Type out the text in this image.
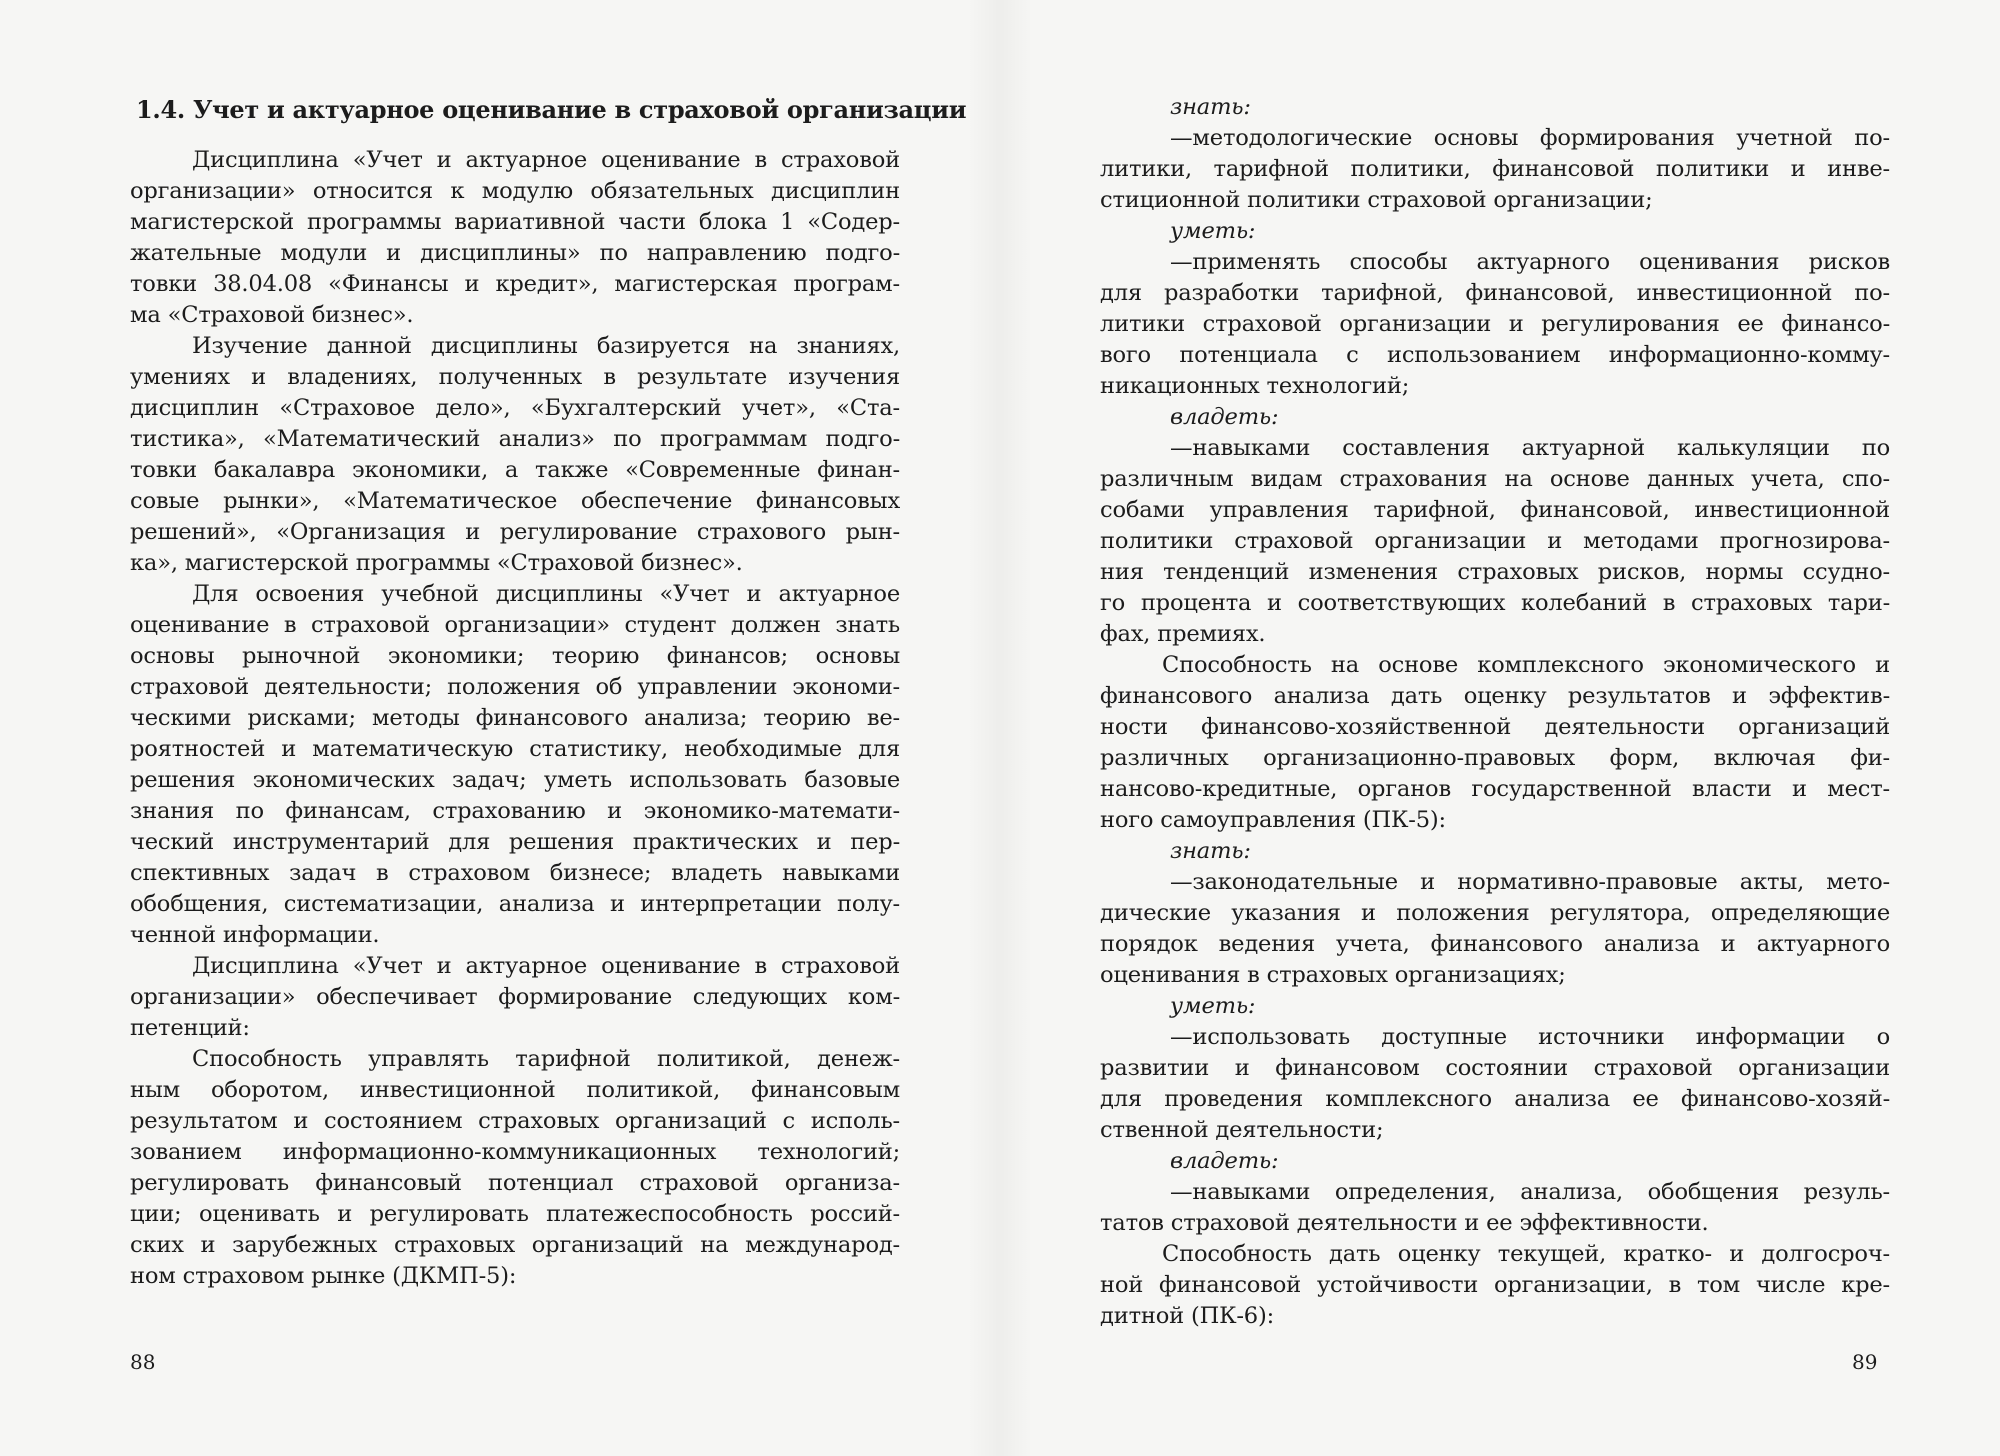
1.4. Учет и актуарное оценивание в страховой организации
Дисциплина «Учет и актуарное оценивание в страховой
организации» относится к модулю обязательных дисциплин
магистерской программы вариативной части блока 1 «Содер-
жательные модули и дисциплины» по направлению подго-
товки 38.04.08 «Финансы и кредит», магистерская програм-
ма «Страховой бизнес».
Изучение данной дисциплины базируется на знаниях,
умениях и владениях, полученных в результате изучения
дисциплин «Страховое дело», «Бухгалтерский учет», «Ста-
тистика», «Математический анализ» по программам подго-
товки бакалавра экономики, а также «Современные финан-
совые рынки», «Математическое обеспечение финансовых
решений», «Организация и регулирование страхового рын-
ка», магистерской программы «Страховой бизнес».
Для освоения учебной дисциплины «Учет и актуарное
оценивание в страховой организации» студент должен знать
основы рыночной экономики; теорию финансов; основы
страховой деятельности; положения об управлении экономи-
ческими рисками; методы финансового анализа; теорию ве-
роятностей и математическую статистику, необходимые для
решения экономических задач; уметь использовать базовые
знания по финансам, страхованию и экономико-математи-
ческий инструментарий для решения практических и пер-
спективных задач в страховом бизнесе; владеть навыками
обобщения, систематизации, анализа и интерпретации полу-
ченной информации.
Дисциплина «Учет и актуарное оценивание в страховой
организации» обеспечивает формирование следующих ком-
петенций:
Способность управлять тарифной политикой, денеж-
ным оборотом, инвестиционной политикой, финансовым
результатом и состоянием страховых организаций с исполь-
зованием информационно-коммуникационных технологий;
регулировать финансовый потенциал страховой организа-
ции; оценивать и регулировать платежеспособность россий-
ских и зарубежных страховых организаций на международ-
ном страховом рынке (ДКМП-5):
88
знать:
—методологические основы формирования учетной по-
литики, тарифной политики, финансовой политики и инве-
стиционной политики страховой организации;
уметь:
—применять способы актуарного оценивания рисков
для разработки тарифной, финансовой, инвестиционной по-
литики страховой организации и регулирования ее финансо-
вого потенциала с использованием информационно-комму-
никационных технологий;
владеть:
—навыками составления актуарной калькуляции по
различным видам страхования на основе данных учета, спо-
собами управления тарифной, финансовой, инвестиционной
политики страховой организации и методами прогнозирова-
ния тенденций изменения страховых рисков, нормы ссудно-
го процента и соответствующих колебаний в страховых тари-
фах, премиях.
Способность на основе комплексного экономического и
финансового анализа дать оценку результатов и эффектив-
ности финансово-хозяйственной деятельности организаций
различных организационно-правовых форм, включая фи-
нансово-кредитные, органов государственной власти и мест-
ного самоуправления (ПК-5):
знать:
—законодательные и нормативно-правовые акты, мето-
дические указания и положения регулятора, определяющие
порядок ведения учета, финансового анализа и актуарного
оценивания в страховых организациях;
уметь:
—использовать доступные источники информации о
развитии и финансовом состоянии страховой организации
для проведения комплексного анализа ее финансово-хозяй-
ственной деятельности;
владеть:
—навыками определения, анализа, обобщения резуль-
татов страховой деятельности и ее эффективности.
Способность дать оценку текущей, кратко- и долгосроч-
ной финансовой устойчивости организации, в том числе кре-
дитной (ПК-6):
89
